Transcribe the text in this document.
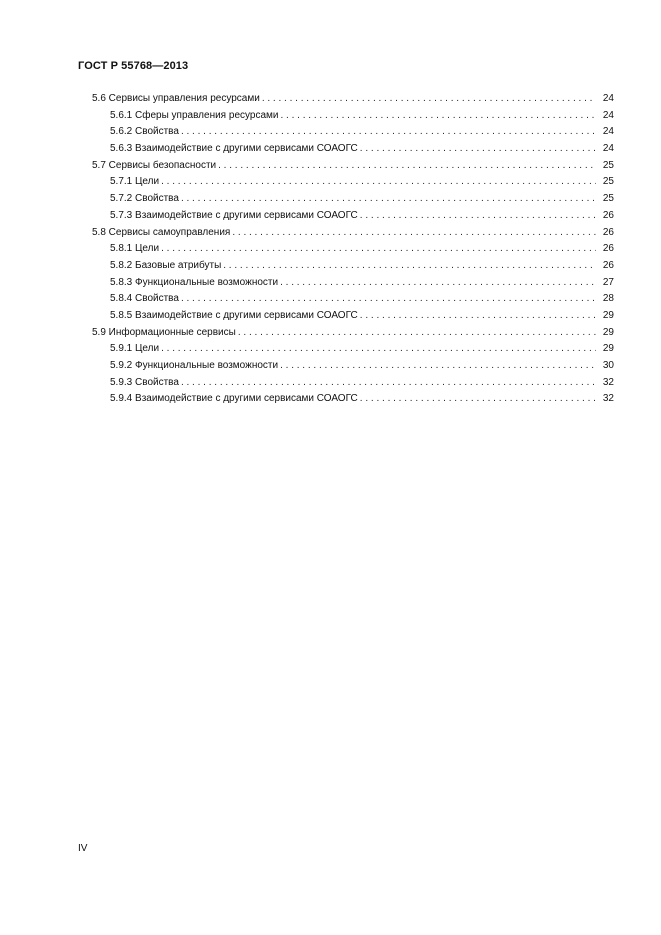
ГОСТ Р 55768—2013
5.6 Сервисы управления ресурсами . . .	24
5.6.1 Сферы управления ресурсами . . .	24
5.6.2 Свойства . . .	24
5.6.3 Взаимодействие с другими сервисами СОАОГС . . .	24
5.7 Сервисы безопасности . . .	25
5.7.1 Цели . . .	25
5.7.2 Свойства . . .	25
5.7.3 Взаимодействие с другими сервисами СОАОГС . . .	26
5.8 Сервисы самоуправления . . .	26
5.8.1 Цели . . .	26
5.8.2 Базовые атрибуты . . .	26
5.8.3 Функциональные возможности . . .	27
5.8.4 Свойства . . .	28
5.8.5 Взаимодействие с другими сервисами СОАОГС . . .	29
5.9 Информационные сервисы . . .	29
5.9.1 Цели . . .	29
5.9.2 Функциональные возможности . . .	30
5.9.3 Свойства . . .	32
5.9.4 Взаимодействие с другими сервисами СОАОГС . . .	32
IV
